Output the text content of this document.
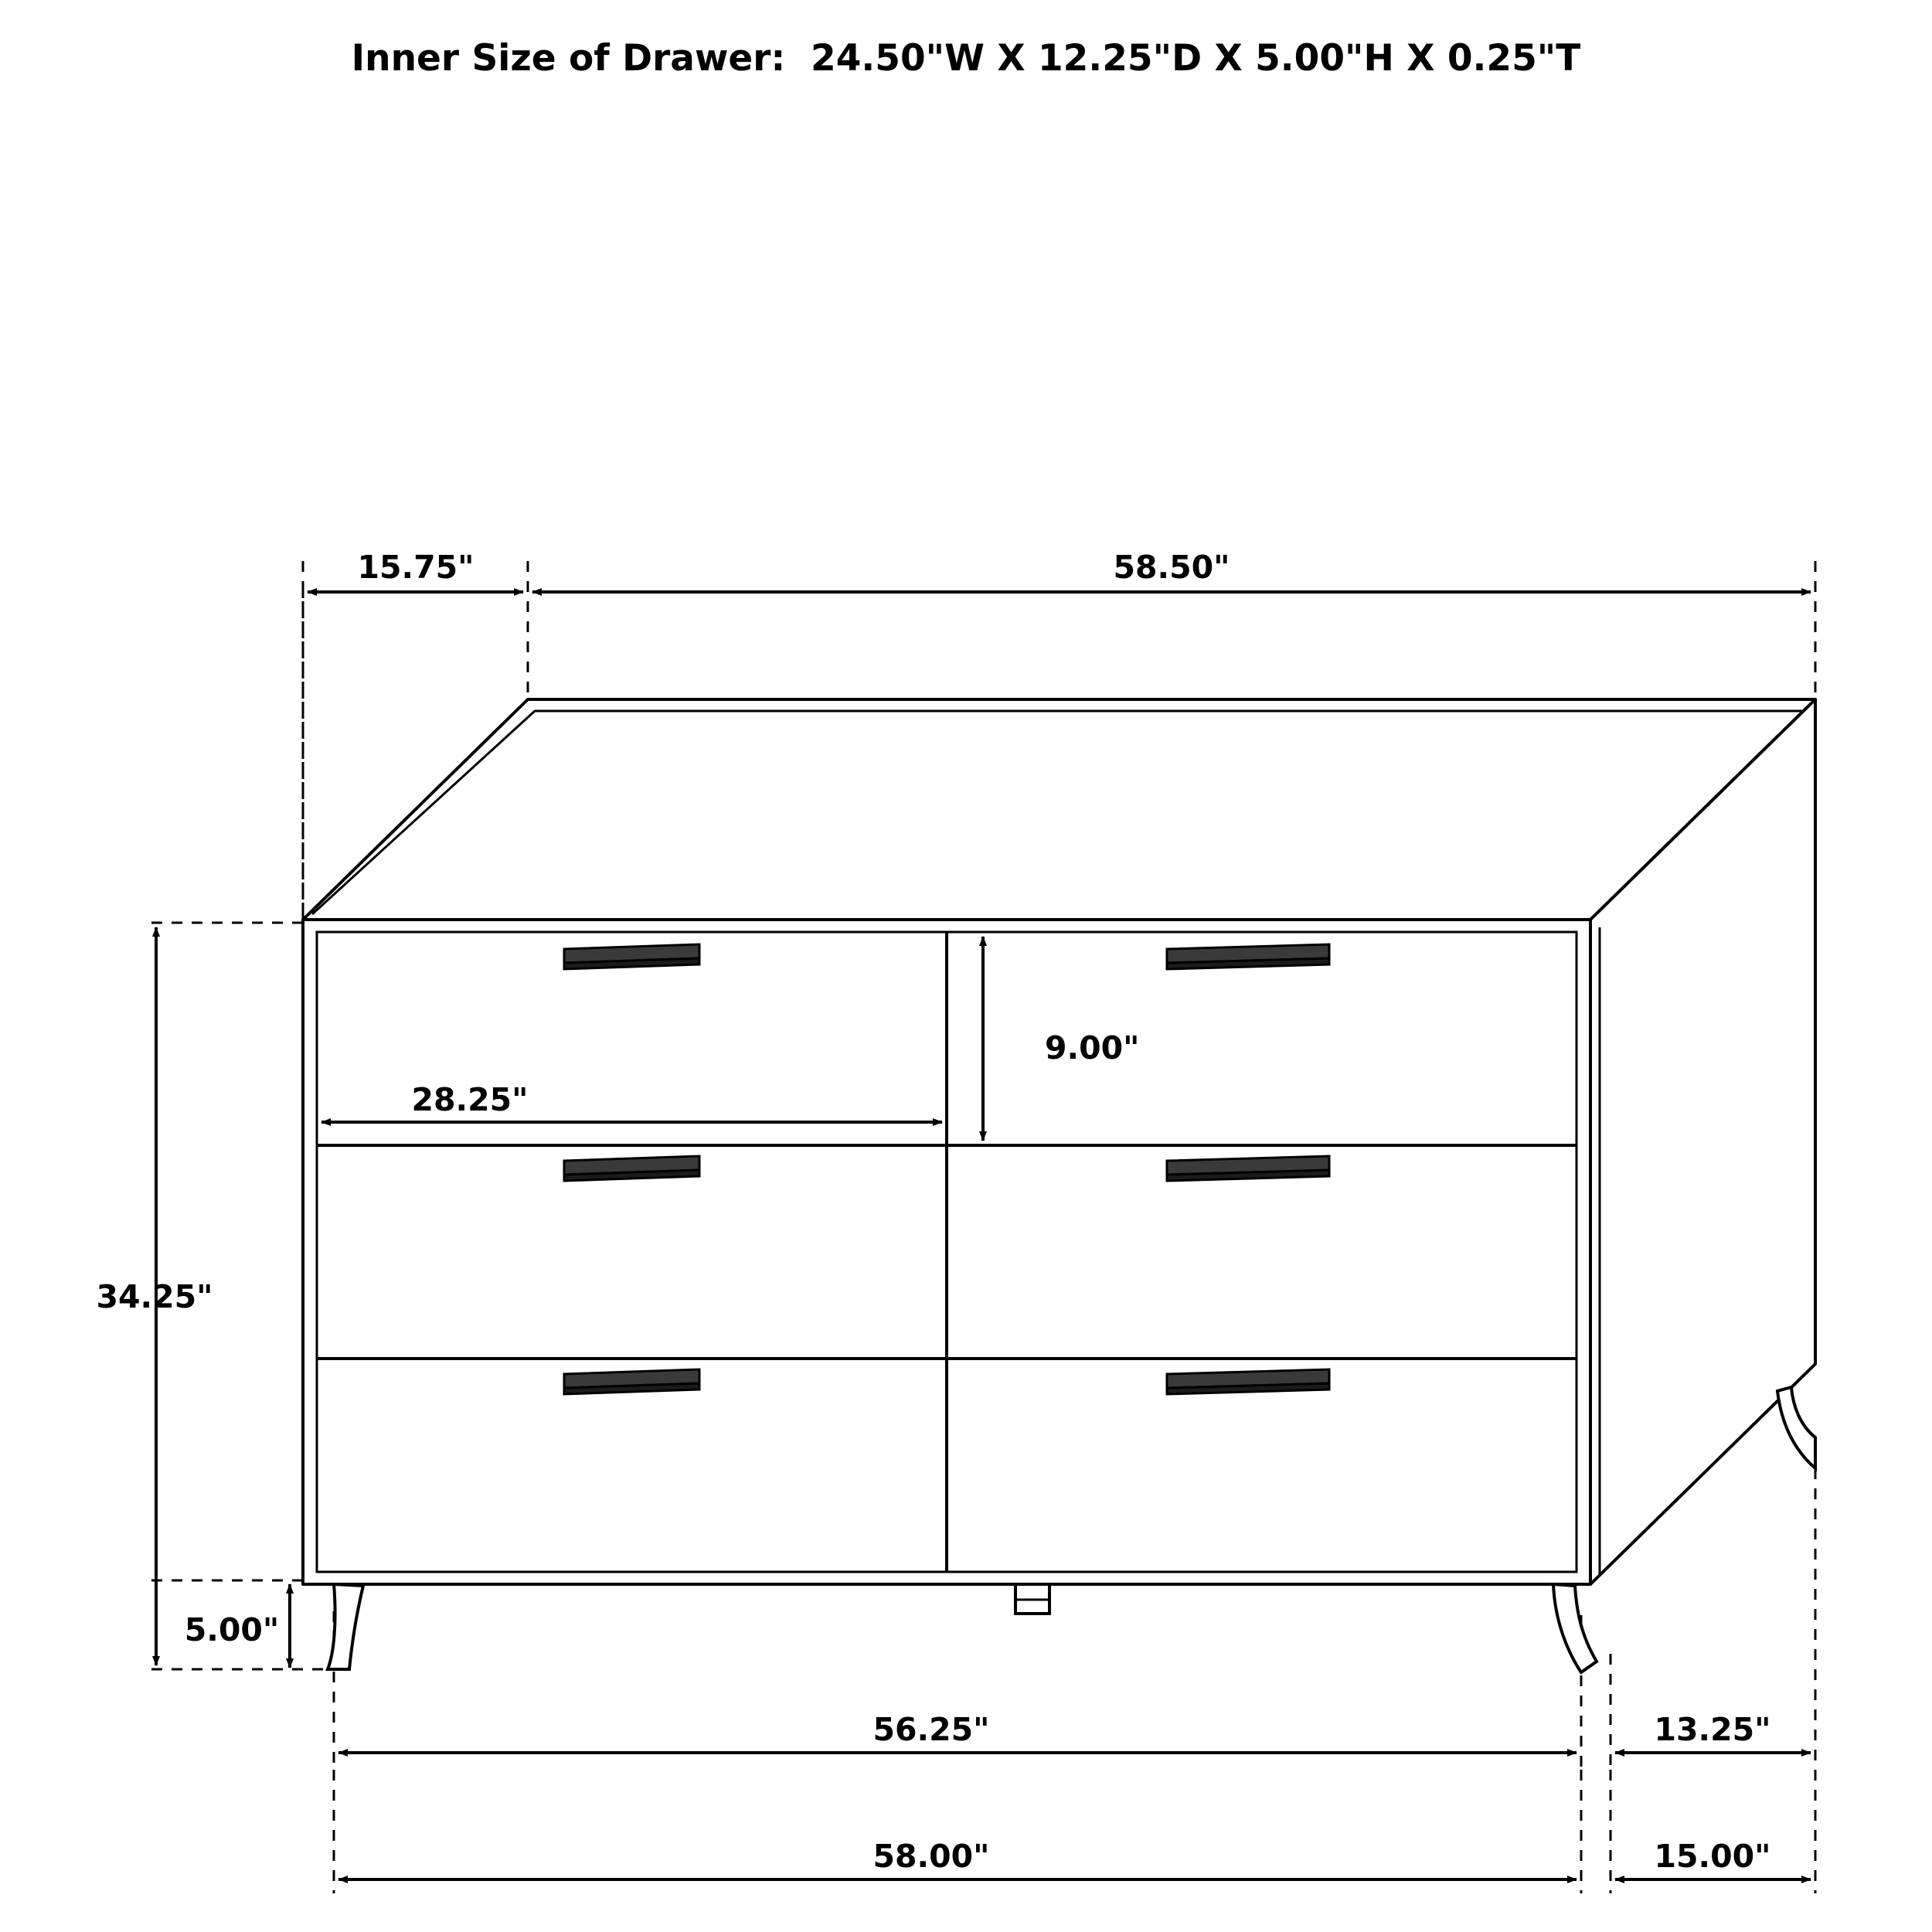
Inner Size of Drawer:  24.50"W X 12.25"D X 5.00"H X 0.25"T
15.75"	58.50"
34.25"
5.00"
28.25"
9.00"
56.25"	13.25"
58.00"	15.00"
